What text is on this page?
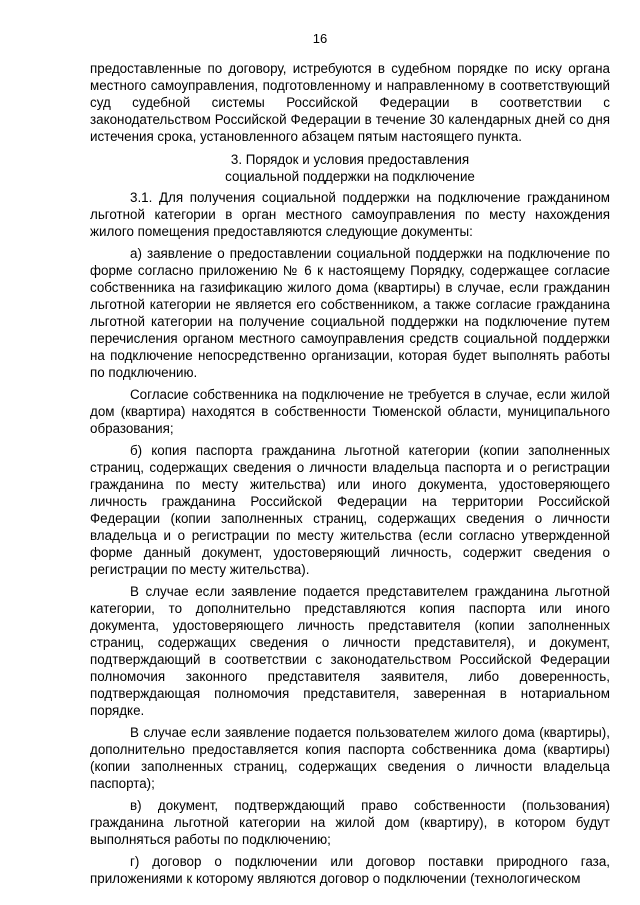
16

предоставленные по договору, истребуются в судебном порядке по иску органа местного самоуправления, подготовленному и направленному в соответствующий суд судебной системы Российской Федерации в соответствии с законодательством Российской Федерации в течение 30 календарных дней со дня истечения срока, установленного абзацем пятым настоящего пункта.

3. Порядок и условия предоставления
социальной поддержки на подключение

3.1. Для получения социальной поддержки на подключение гражданином льготной категории в орган местного самоуправления по месту нахождения жилого помещения предоставляются следующие документы:

а) заявление о предоставлении социальной поддержки на подключение по форме согласно приложению № 6 к настоящему Порядку, содержащее согласие собственника на газификацию жилого дома (квартиры) в случае, если гражданин льготной категории не является его собственником, а также согласие гражданина льготной категории на получение социальной поддержки на подключение путем перечисления органом местного самоуправления средств социальной поддержки на подключение непосредственно организации, которая будет выполнять работы по подключению.

Согласие собственника на подключение не требуется в случае, если жилой дом (квартира) находятся в собственности Тюменской области, муниципального образования;

б) копия паспорта гражданина льготной категории (копии заполненных страниц, содержащих сведения о личности владельца паспорта и о регистрации гражданина по месту жительства) или иного документа, удостоверяющего личность гражданина Российской Федерации на территории Российской Федерации (копии заполненных страниц, содержащих сведения о личности владельца и о регистрации по месту жительства (если согласно утвержденной форме данный документ, удостоверяющий личность, содержит сведения о регистрации по месту жительства).

В случае если заявление подается представителем гражданина льготной категории, то дополнительно представляются копия паспорта или иного документа, удостоверяющего личность представителя (копии заполненных страниц, содержащих сведения о личности представителя), и документ, подтверждающий в соответствии с законодательством Российской Федерации полномочия законного представителя заявителя, либо доверенность, подтверждающая полномочия представителя, заверенная в нотариальном порядке.

В случае если заявление подается пользователем жилого дома (квартиры), дополнительно предоставляется копия паспорта собственника дома (квартиры) (копии заполненных страниц, содержащих сведения о личности владельца паспорта);

в) документ, подтверждающий право собственности (пользования) гражданина льготной категории на жилой дом (квартиру), в котором будут выполняться работы по подключению;

г) договор о подключении или договор поставки природного газа, приложениями к которому являются договор о подключении (технологическом
